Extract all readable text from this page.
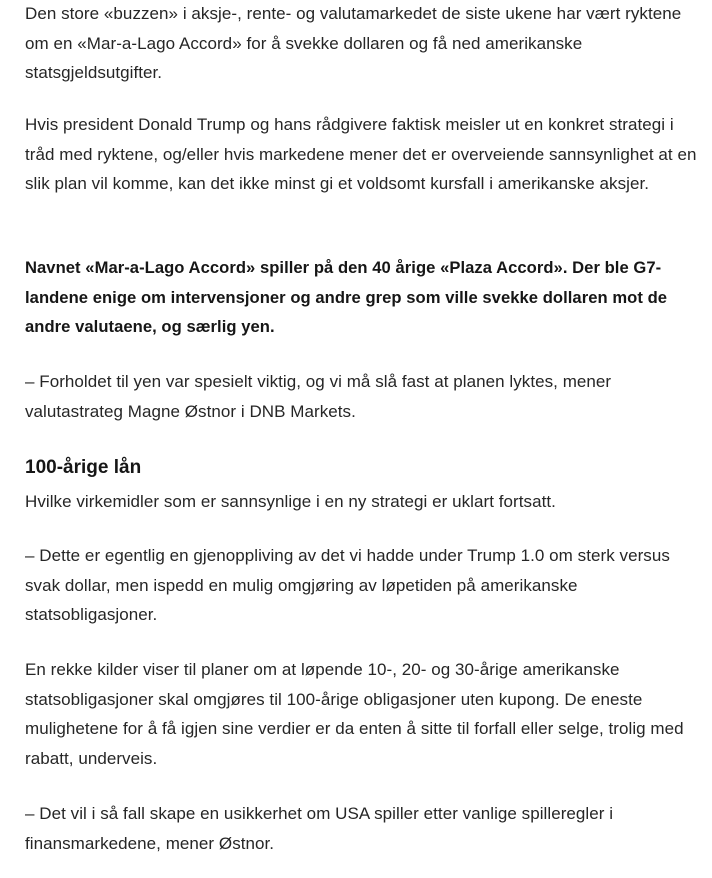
Den store «buzzen» i aksje-, rente- og valutamarkedet de siste ukene har vært ryktene om en «Mar-a-Lago Accord» for å svekke dollaren og få ned amerikanske statsgjeldsutgifter.

Hvis president Donald Trump og hans rådgivere faktisk meisler ut en konkret strategi i tråd med ryktene, og/eller hvis markedene mener det er overveiende sannsynlighet at en slik plan vil komme, kan det ikke minst gi et voldsomt kursfall i amerikanske aksjer.

Navnet «Mar-a-Lago Accord» spiller på den 40 årige «Plaza Accord». Der ble G7-landene enige om intervensjoner og andre grep som ville svekke dollaren mot de andre valutaene, og særlig yen.

– Forholdet til yen var spesielt viktig, og vi må slå fast at planen lyktes, mener valutastrateg Magne Østnor i DNB Markets.

100-årige lån

Hvilke virkemidler som er sannsynlige i en ny strategi er uklart fortsatt.

– Dette er egentlig en gjenoppliving av det vi hadde under Trump 1.0 om sterk versus svak dollar, men ispedd en mulig omgjøring av løpetiden på amerikanske statsobligasjoner.

En rekke kilder viser til planer om at løpende 10-, 20- og 30-årige amerikanske statsobligasjoner skal omgjøres til 100-årige obligasjoner uten kupong. De eneste mulighetene for å få igjen sine verdier er da enten å sitte til forfall eller selge, trolig med rabatt, underveis.

– Det vil i så fall skape en usikkerhet om USA spiller etter vanlige spilleregler i finansmarkedene, mener Østnor.
